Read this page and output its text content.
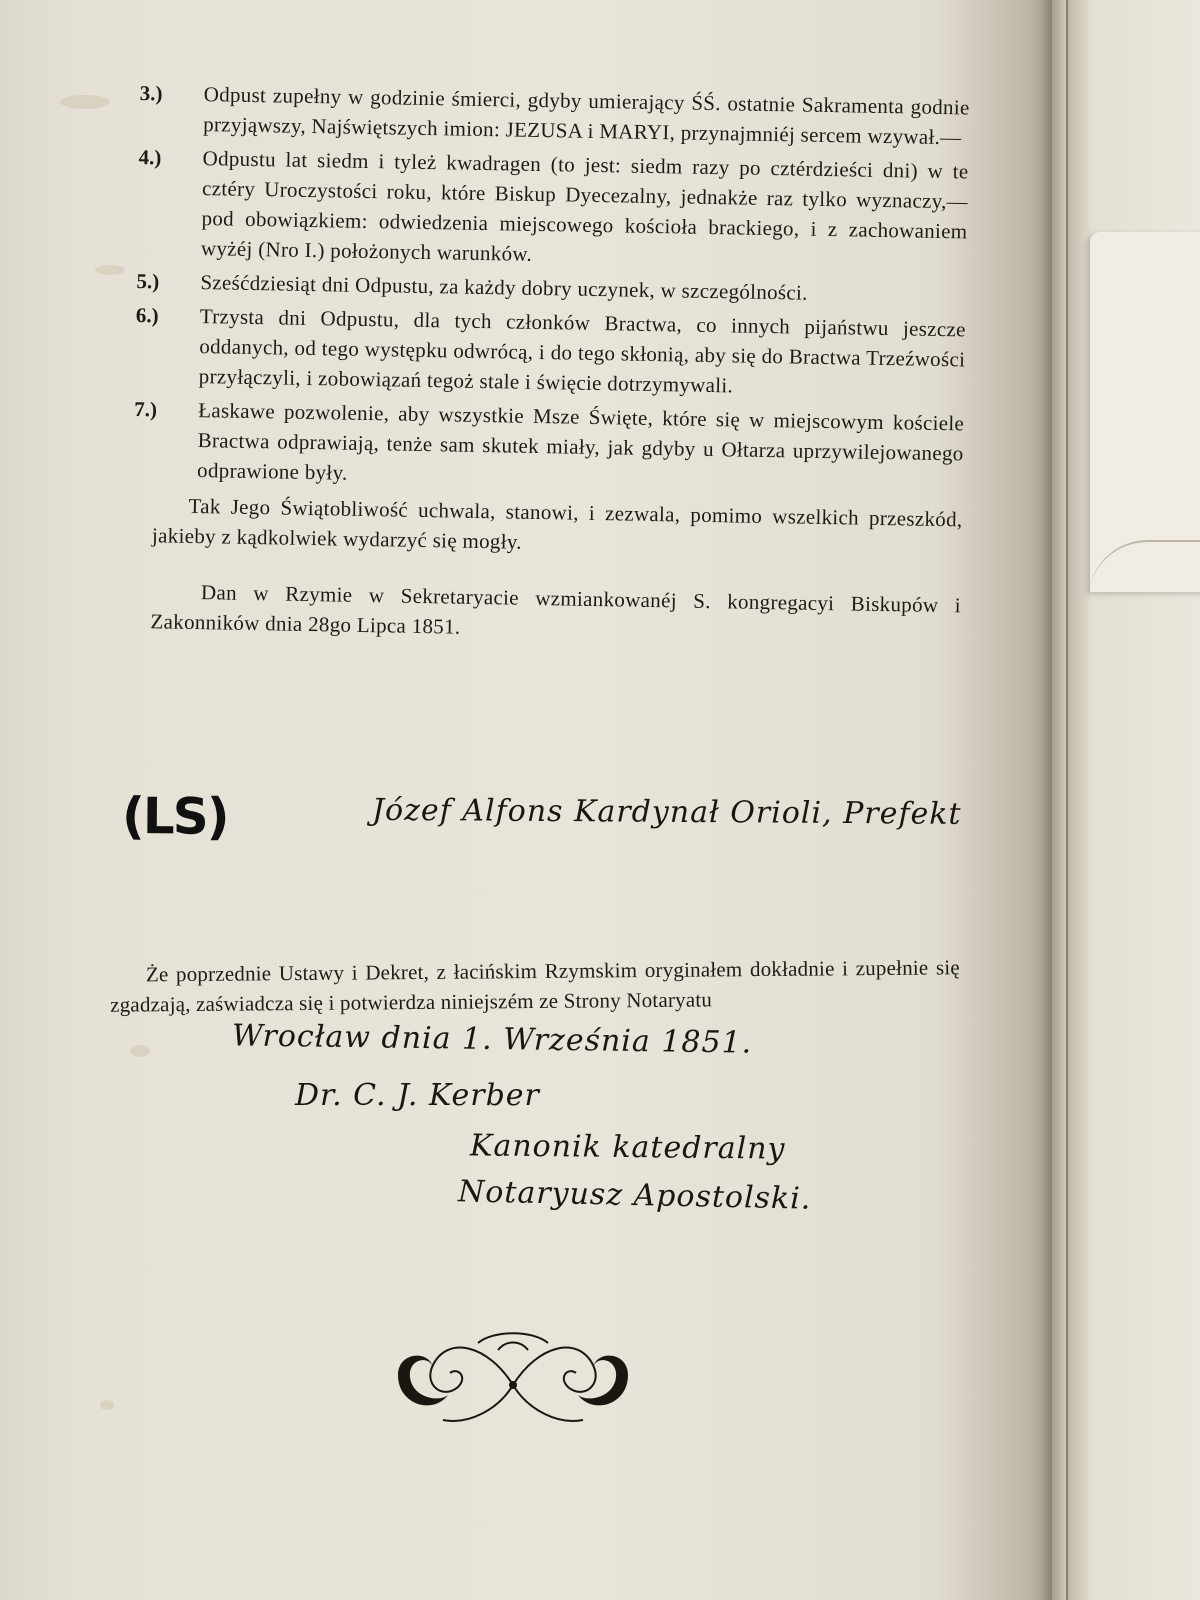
3.)	Odpust zupełny w godzinie śmierci, gdyby umierający ŚŚ. ostatnie Sakramenta godnie przyjąwszy, Najświętszych imion: JEZUSA i MARYI, przynajmniéj sercem wzywał.—
4.)	Odpustu lat siedm i tyleż kwadragen (to jest: siedm razy po cztérdzieści dni) w te cztéry Uroczystości roku, które Biskup Dyecezalny, jednakże raz tylko wyznaczy,— pod obowiązkiem: odwiedzenia miejscowego kościoła brackiego, i z zachowaniem wyżéj (Nro I.) położonych warunków.
5.)	Sześćdziesiąt dni Odpustu, za każdy dobry uczynek, w szczególności.
6.)	Trzysta dni Odpustu, dla tych członków Bractwa, co innych pijaństwu jeszcze oddanych, od tego występku odwrócą, i do tego skłonią, aby się do Bractwa Trzeźwości przyłączyli, i zobowiązań tegoż stale i święcie dotrzymywali.
7.)	Łaskawe pozwolenie, aby wszystkie Msze Święte, które się w miejscowym kościele Bractwa odprawiają, tenże sam skutek miały, jak gdyby u Ołtarza uprzywilejowanego odprawione były.

Tak Jego Świątobliwość uchwala, stanowi, i zezwala, pomimo wszelkich przeszkód, jakieby z kądkolwiek wydarzyć się mogły.

Dan w Rzymie w Sekretaryacie wzmiankowanéj S. kongregacyi Biskupów i Zakonników dnia 28go Lipca 1851.

(LS)	Józef Alfons Kardynał Orioli, Prefekt

Że poprzednie Ustawy i Dekret, z łacińskim Rzymskim oryginałem dokładnie i zupełnie się zgadzają, zaświadcza się i potwierdza niniejszém ze Strony Notaryatu

Wrocław dnia 1. Września 1851.
Dr. C. J. Kerber
Kanonik katedralny
Notaryusz Apostolski.
